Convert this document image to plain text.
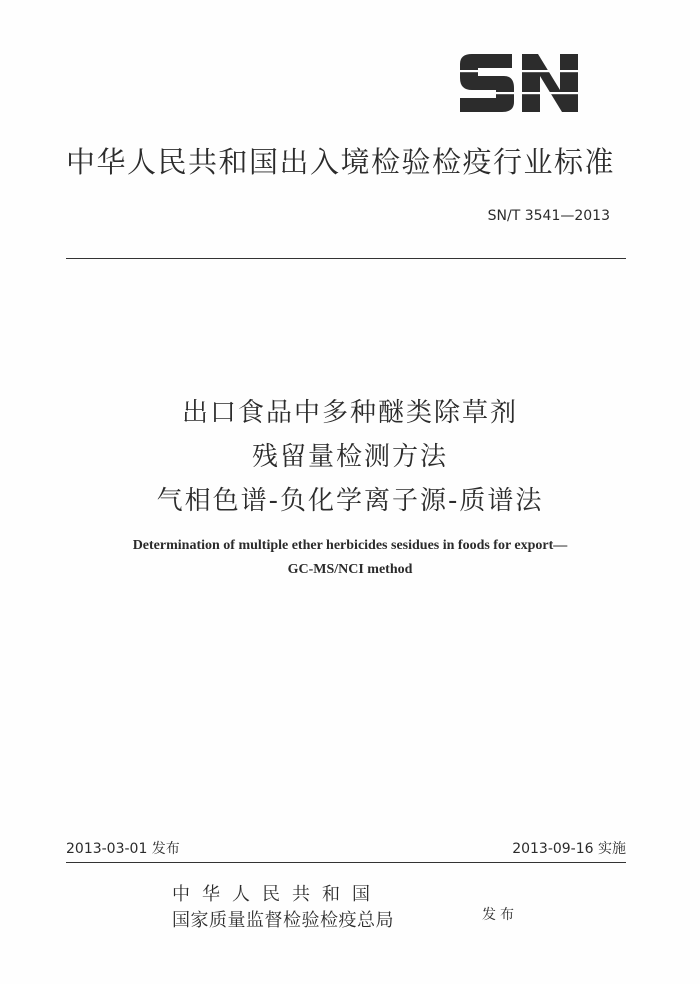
中华人民共和国出入境检验检疫行业标准
SN/T 3541—2013
出口食品中多种醚类除草剂
残留量检测方法
气相色谱-负化学离子源-质谱法
Determination of multiple ether herbicides sesidues in foods for export—
GC-MS/NCI method
2013-03-01 发布	2013-09-16 实施
中华人民共和国
国家质量监督检验检疫总局	发布
